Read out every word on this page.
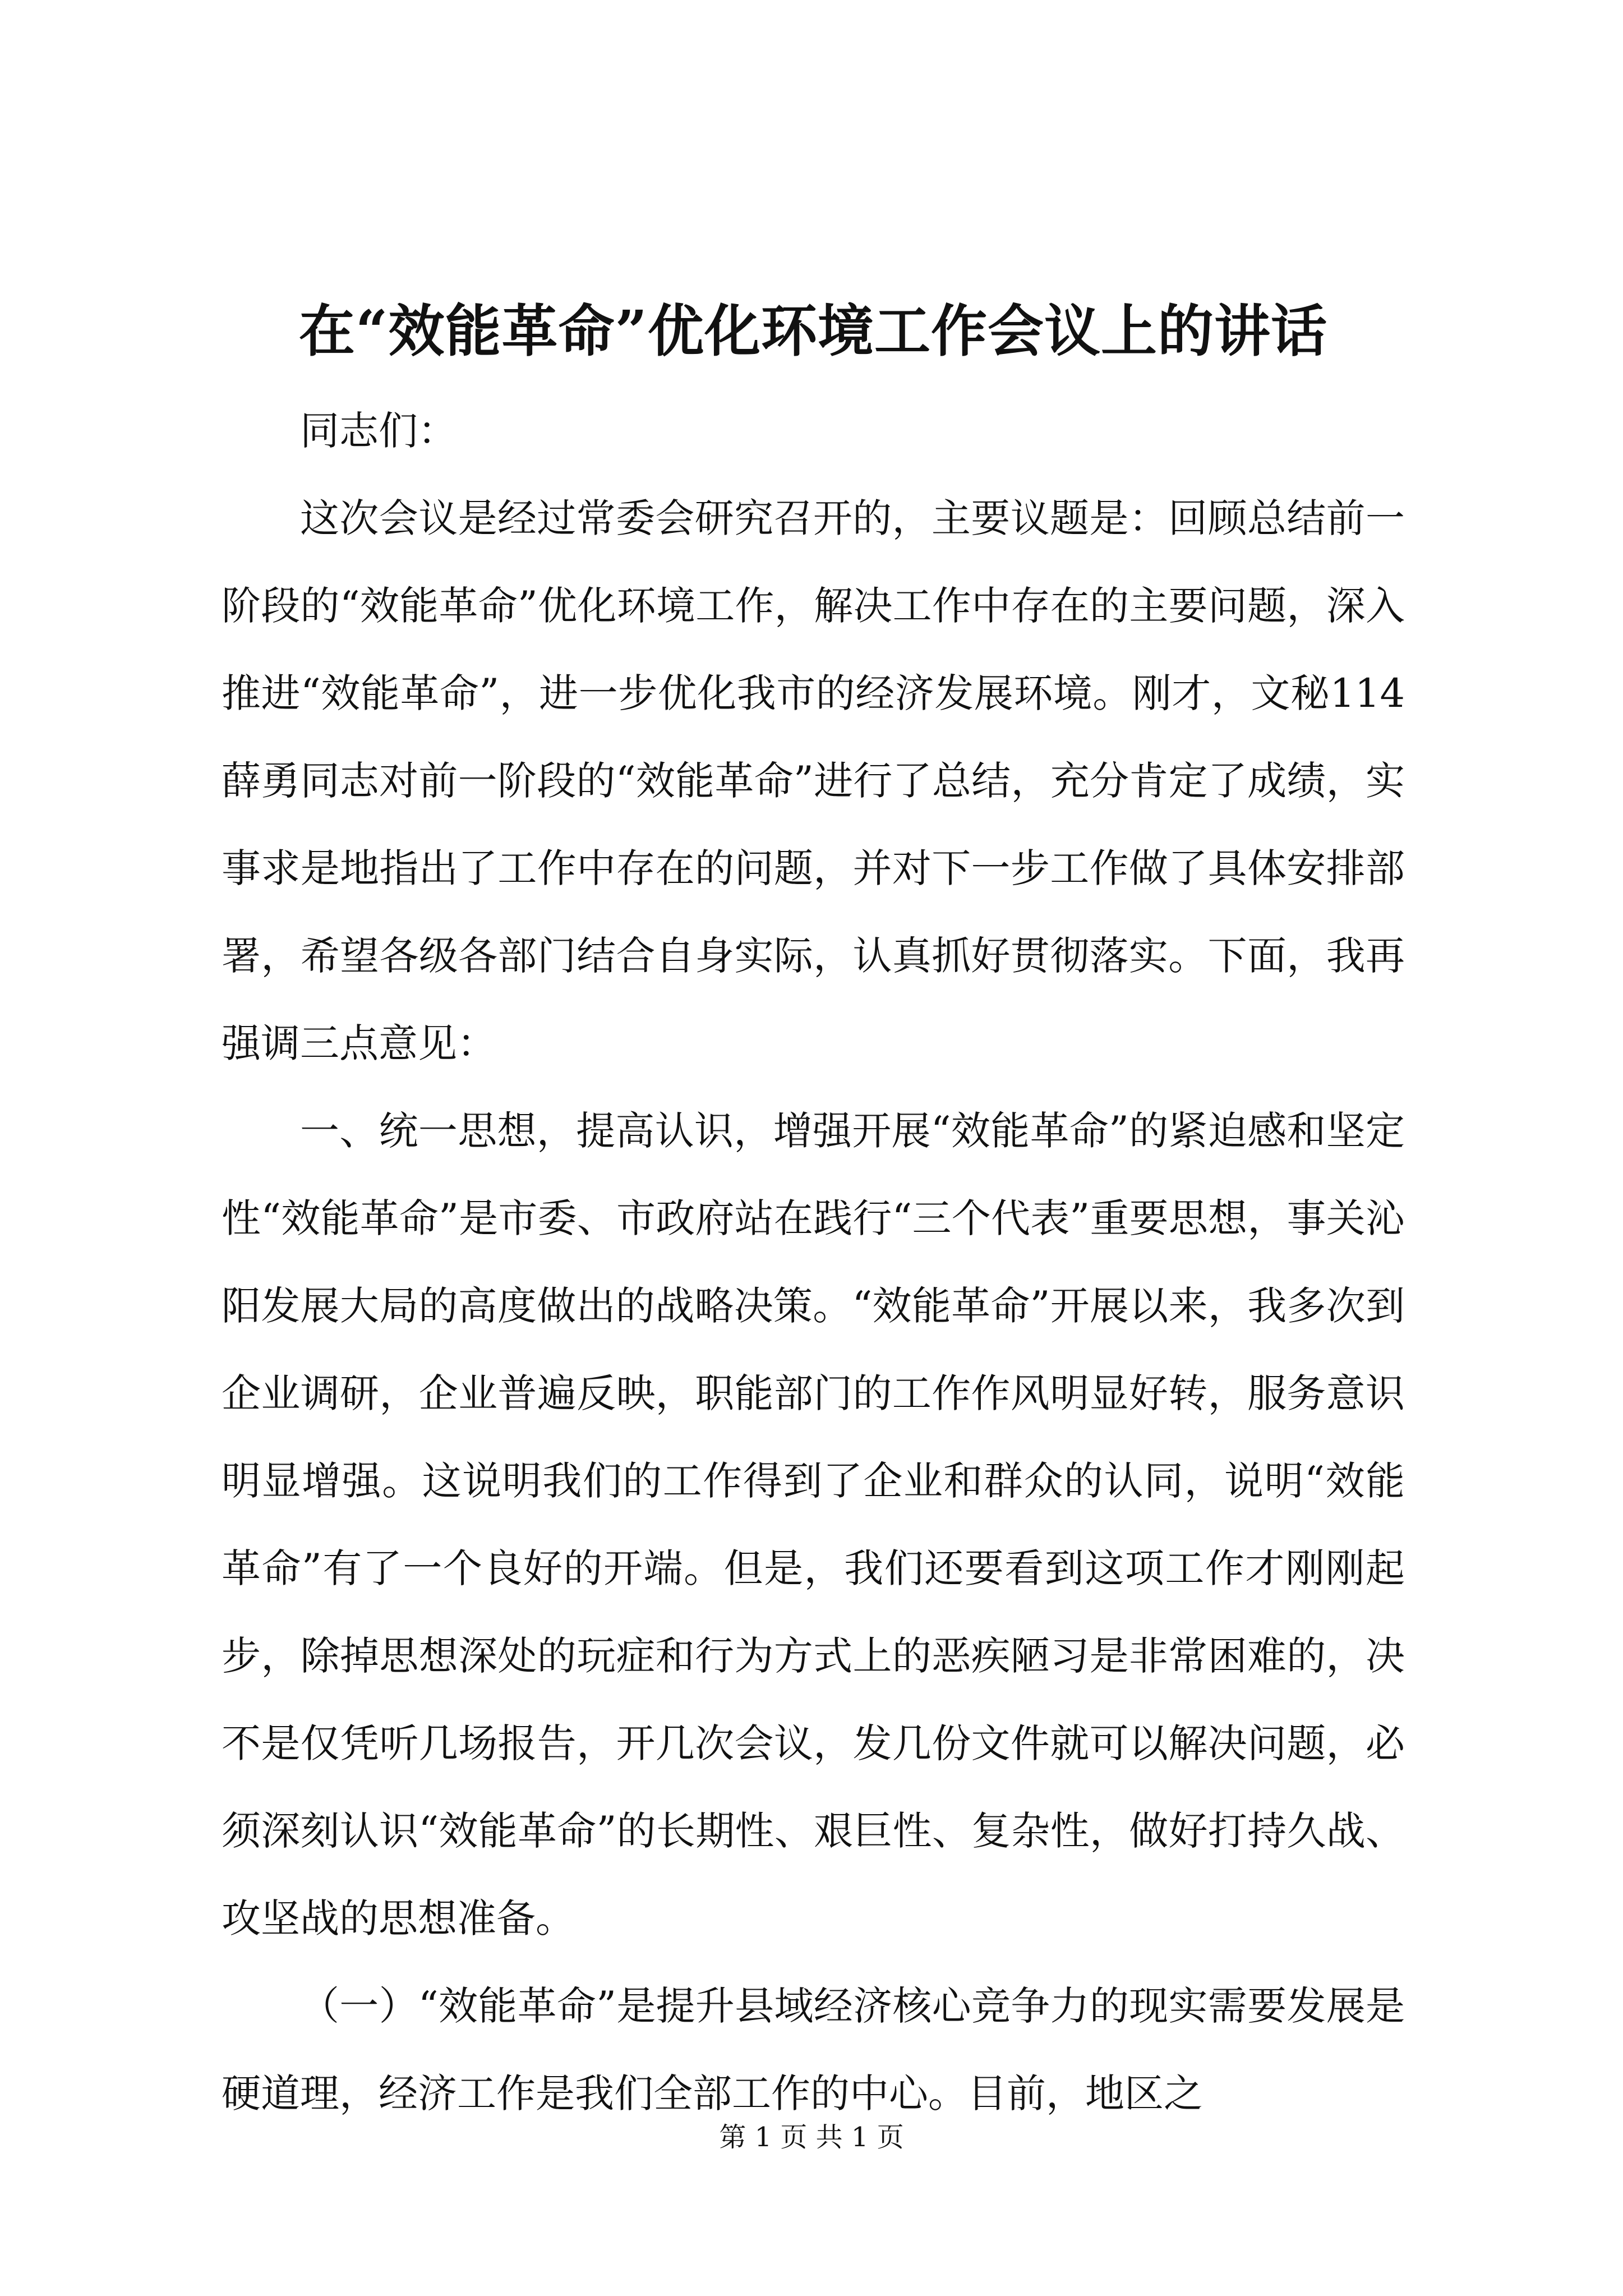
在“效能革命”优化环境工作会议上的讲话

同志们：

这次会议是经过常委会研究召开的，主要议题是：回顾总结前一阶段的“效能革命”优化环境工作，解决工作中存在的主要问题，深入推进“效能革命”，进一步优化我市的经济发展环境。刚才，文秘114薛勇同志对前一阶段的“效能革命”进行了总结，充分肯定了成绩，实事求是地指出了工作中存在的问题，并对下一步工作做了具体安排部署，希望各级各部门结合自身实际，认真抓好贯彻落实。下面，我再强调三点意见：

一、统一思想，提高认识，增强开展“效能革命”的紧迫感和坚定性“效能革命”是市委、市政府站在践行“三个代表”重要思想，事关沁阳发展大局的高度做出的战略决策。“效能革命”开展以来，我多次到企业调研，企业普遍反映，职能部门的工作作风明显好转，服务意识明显增强。这说明我们的工作得到了企业和群众的认同，说明“效能革命”有了一个良好的开端。但是，我们还要看到这项工作才刚刚起步，除掉思想深处的玩症和行为方式上的恶疾陋习是非常困难的，决不是仅凭听几场报告，开几次会议，发几份文件就可以解决问题，必须深刻认识“效能革命”的长期性、艰巨性、复杂性，做好打持久战、攻坚战的思想准备。

（一）“效能革命”是提升县域经济核心竞争力的现实需要发展是硬道理，经济工作是我们全部工作的中心。目前，地区之

第 1 页 共 1 页
